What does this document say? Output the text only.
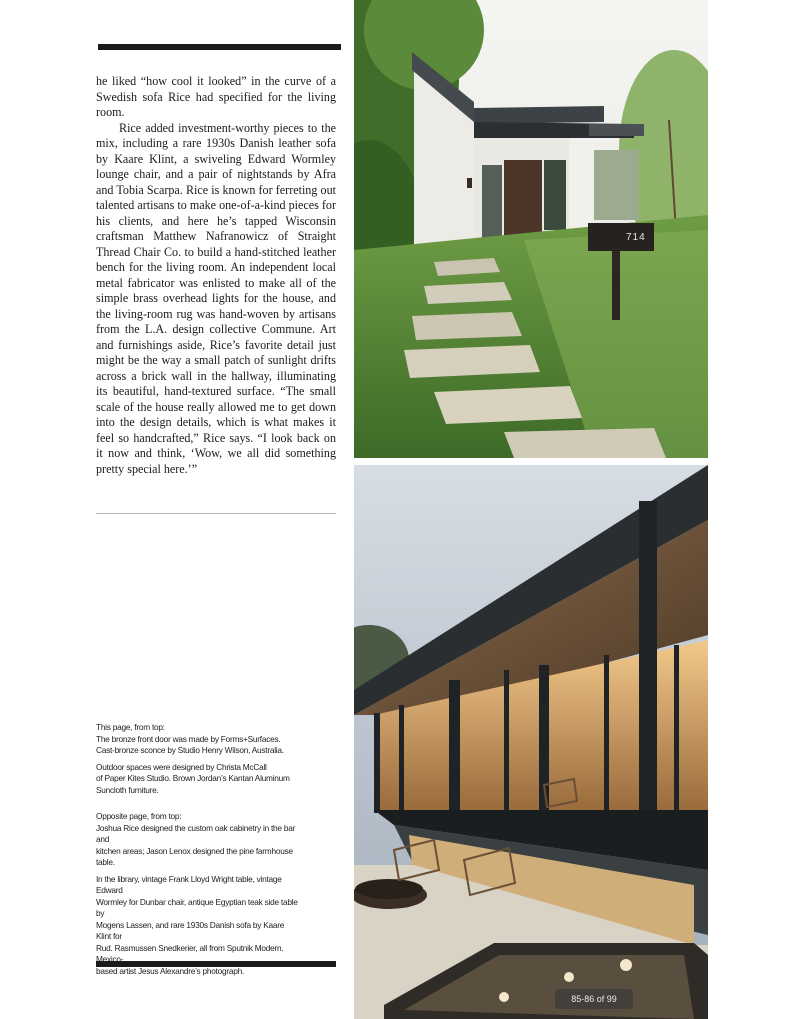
he liked “how cool it looked” in the curve of a Swedish sofa Rice had specified for the living room.

Rice added investment-worthy pieces to the mix, including a rare 1930s Danish leather sofa by Kaare Klint, a swiveling Edward Wormley lounge chair, and a pair of nightstands by Afra and Tobia Scarpa. Rice is known for ferreting out talented artisans to make one-of-a-kind pieces for his clients, and here he’s tapped Wisconsin craftsman Matthew Nafranowicz of Straight Thread Chair Co. to build a hand-stitched leather bench for the living room. An independent local metal fabricator was enlisted to make all of the simple brass overhead lights for the house, and the living-room rug was hand-woven by artisans from the L.A. design collective Commune. Art and furnishings aside, Rice’s favorite detail just might be the way a small patch of sunlight drifts across a brick wall in the hallway, illuminating its beautiful, hand-textured surface. “The small scale of the house really allowed me to get down into the design details, which is what makes it feel so handcrafted,” Rice says. “I look back on it now and think, ‘Wow, we all did something pretty special here.’”

This page, from top:
The bronze front door was made by Forms+Surfaces.
Cast-bronze sconce by Studio Henry Wilson, Australia.
Outdoor spaces were designed by Christa McCall
of Paper Kites Studio. Brown Jordan’s Kantan Aluminum
Suncloth furniture.
Opposite page, from top:
Joshua Rice designed the custom oak cabinetry in the bar and
kitchen areas; Jason Lenox designed the pine farmhouse table.
In the library, vintage Frank Lloyd Wright table, vintage Edward
Wormley for Dunbar chair, antique Egyptian teak side table by
Mogens Lassen, and rare 1930s Danish sofa by Kaare Klint for
Rud. Rasmussen Snedkerier, all from Sputnik Modern. Mexico-
based artist Jesus Alexandre’s photograph.
714
85-86 of 99
